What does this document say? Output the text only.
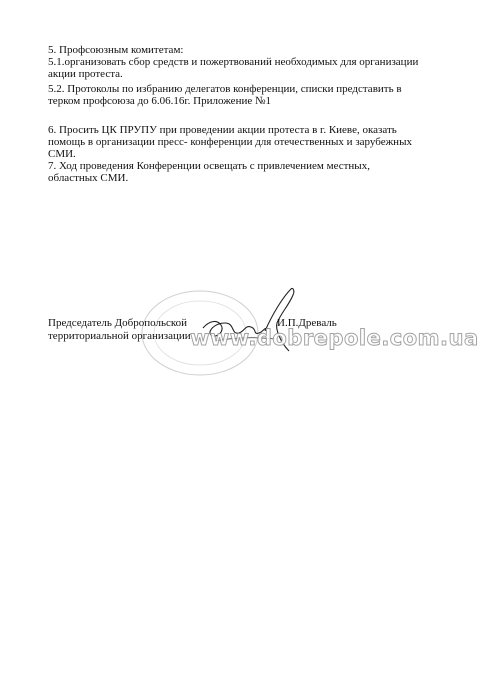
5. Профсоюзным комитетам:
5.1.организовать сбор средств и пожертвований необходимых для организации
акции протеста.
5.2. Протоколы по избранию делегатов конференции, списки представить в
терком профсоюза до 6.06.16г. Приложение №1
6. Просить ЦК ПРУПУ при проведении акции протеста в г. Киеве, оказать
помощь в организации пресс- конференции для отечественных и зарубежных
СМИ.
7. Ход проведения Конференции освещать с привлечением местных,
областных СМИ.
Председатель Добропольской
территориальной организации
И.П.Древаль
www.dobrepole.com.ua
